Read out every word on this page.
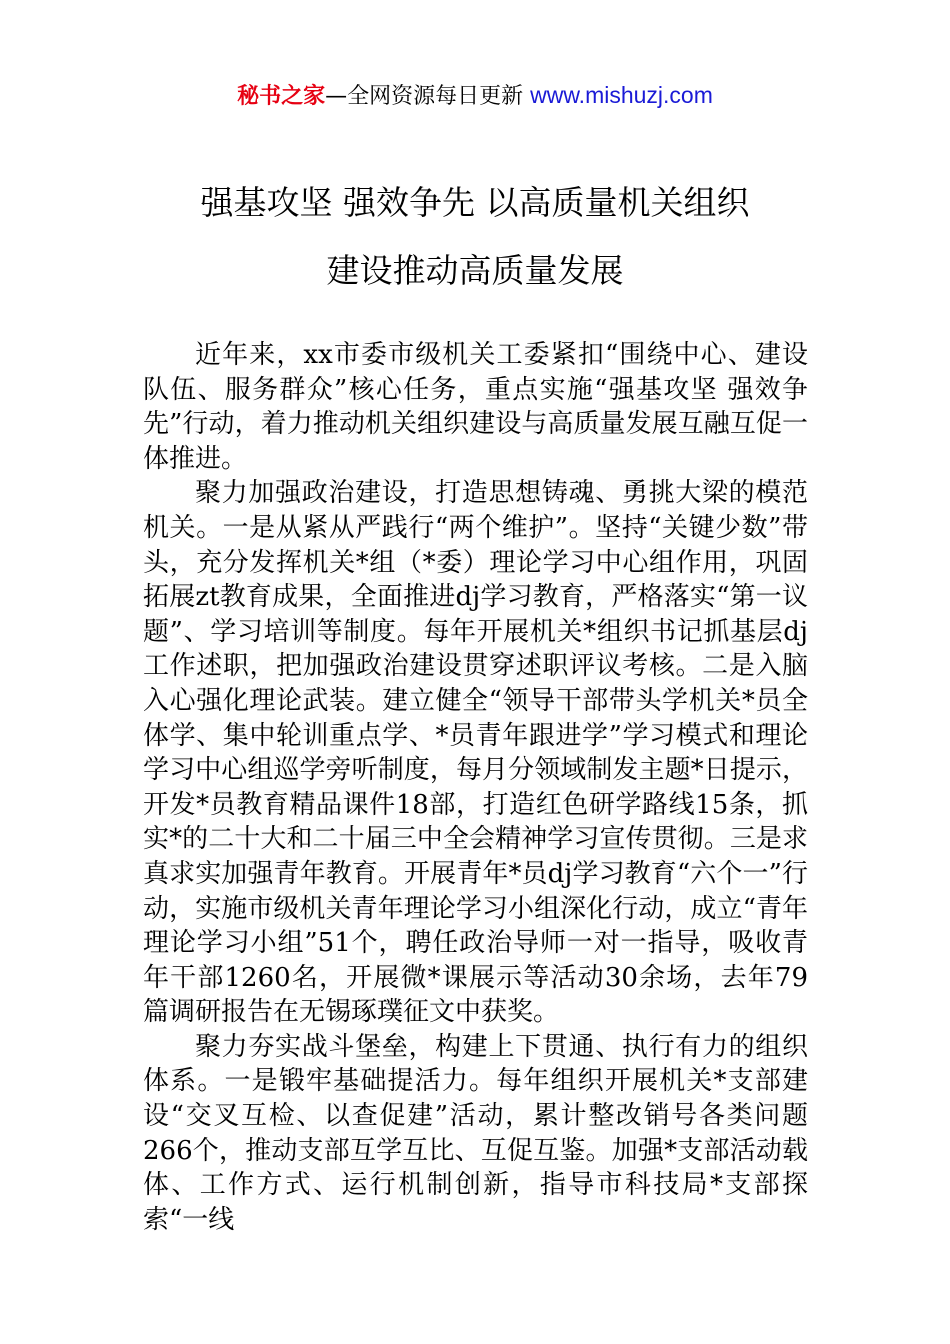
秘书之家—全网资源每日更新 www.mishuzj.com
强基攻坚 强效争先 以高质量机关组织
建设推动高质量发展

近年来，xx市委市级机关工委紧扣“围绕中心、建设队伍、服务群众”核心任务，重点实施“强基攻坚 强效争先”行动，着力推动机关组织建设与高质量发展互融互促一体推进。

聚力加强政治建设，打造思想铸魂、勇挑大梁的模范机关。一是从紧从严践行“两个维护”。坚持“关键少数”带头，充分发挥机关*组（*委）理论学习中心组作用，巩固拓展zt教育成果，全面推进dj学习教育，严格落实“第一议题”、学习培训等制度。每年开展机关*组织书记抓基层dj工作述职，把加强政治建设贯穿述职评议考核。二是入脑入心强化理论武装。建立健全“领导干部带头学机关*员全体学、集中轮训重点学、*员青年跟进学”学习模式和理论学习中心组巡学旁听制度，每月分领域制发主题*日提示，开发*员教育精品课件18部，打造红色研学路线15条，抓实*的二十大和二十届三中全会精神学习宣传贯彻。三是求真求实加强青年教育。开展青年*员dj学习教育“六个一”行动，实施市级机关青年理论学习小组深化行动，成立“青年理论学习小组”51个，聘任政治导师一对一指导，吸收青年干部1260名，开展微*课展示等活动30余场，去年79篇调研报告在无锡琢璞征文中获奖。

聚力夯实战斗堡垒，构建上下贯通、执行有力的组织体系。一是锻牢基础提活力。每年组织开展机关*支部建设“交叉互检、以查促建”活动，累计整改销号各类问题266个，推动支部互学互比、互促互鉴。加强*支部活动载体、工作方式、运行机制创新，指导市科技局*支部探索“一线
